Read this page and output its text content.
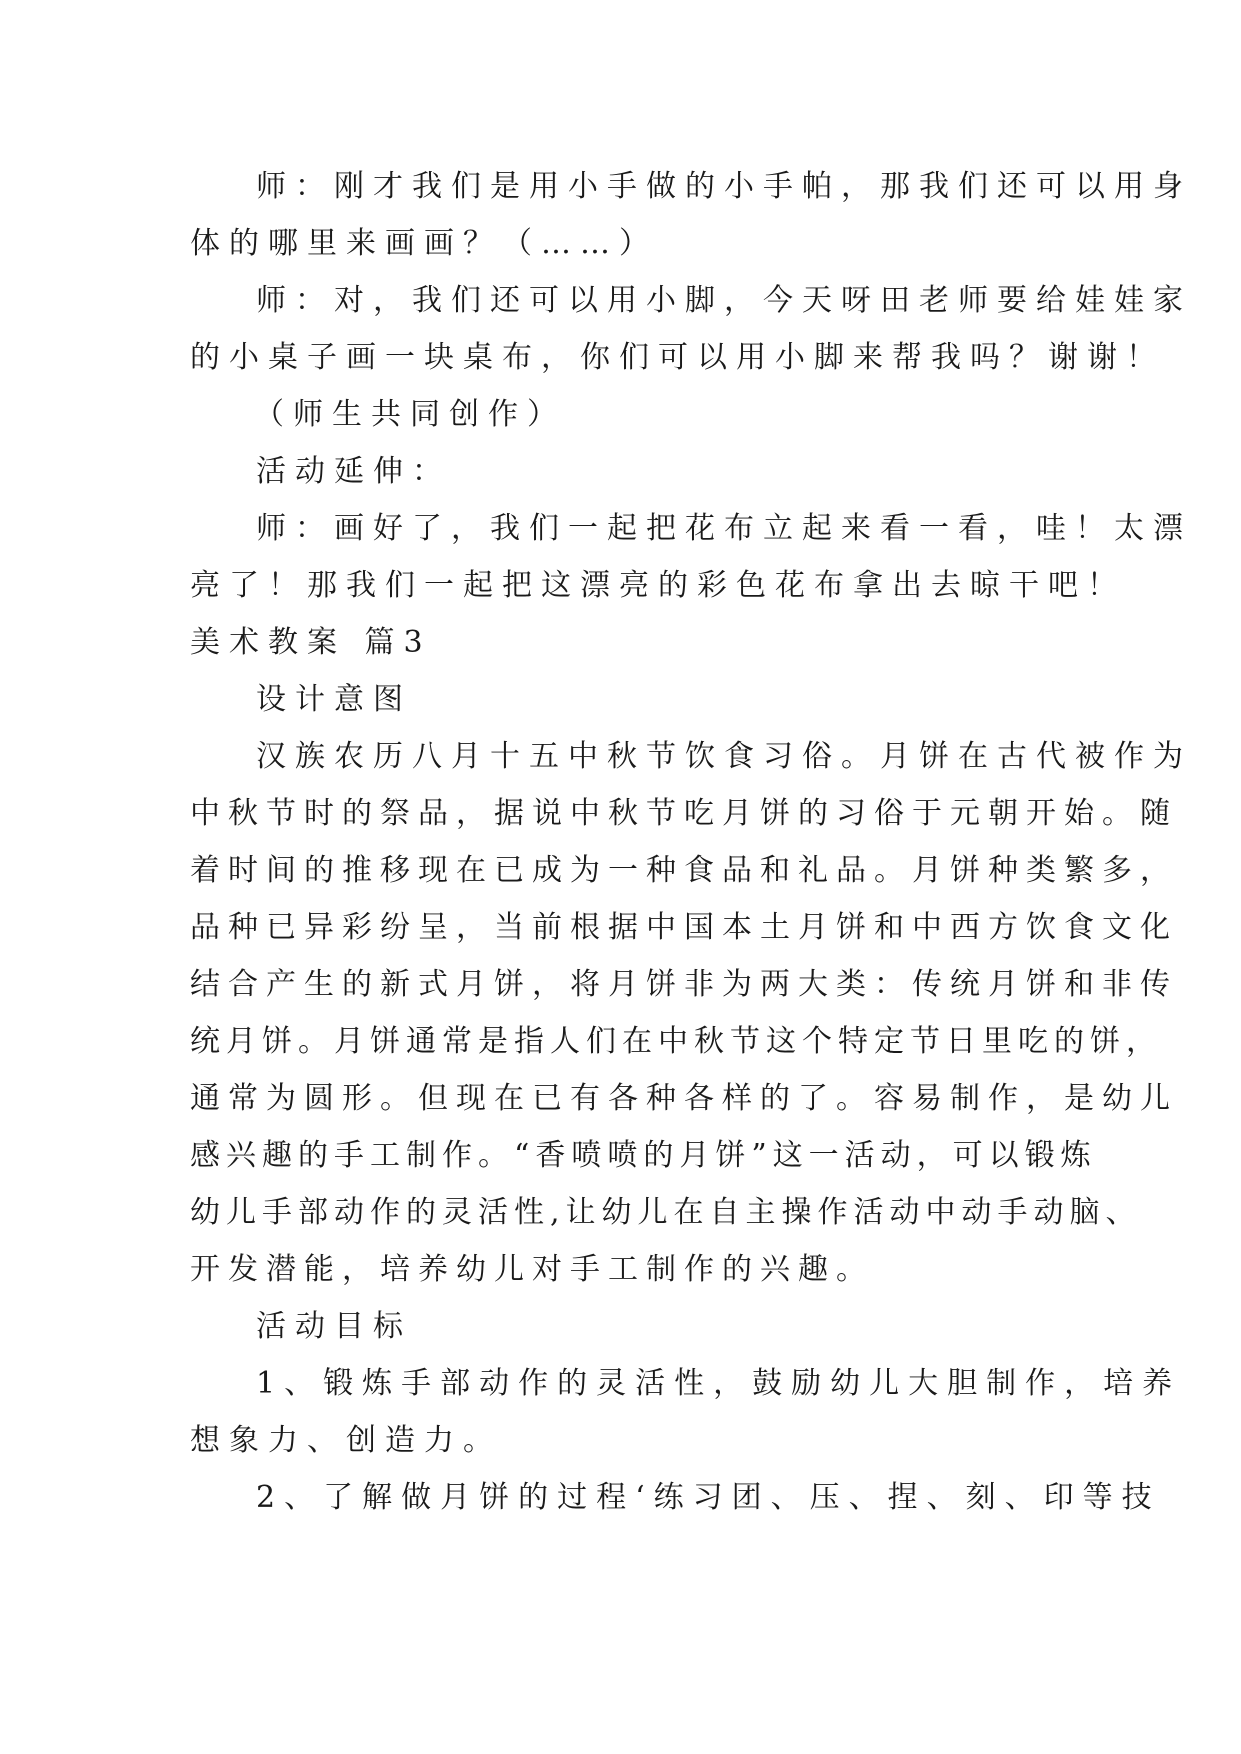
师：刚才我们是用小手做的小手帕，那我们还可以用身
体的哪里来画画？（……）
师：对，我们还可以用小脚，今天呀田老师要给娃娃家
的小桌子画一块桌布，你们可以用小脚来帮我吗？谢谢！
（师生共同创作）
活动延伸：
师：画好了，我们一起把花布立起来看一看，哇！太漂
亮了！那我们一起把这漂亮的彩色花布拿出去晾干吧！
美术教案 篇3
设计意图
汉族农历八月十五中秋节饮食习俗。月饼在古代被作为
中秋节时的祭品，据说中秋节吃月饼的习俗于元朝开始。随
着时间的推移现在已成为一种食品和礼品。月饼种类繁多，
品种已异彩纷呈，当前根据中国本土月饼和中西方饮食文化
结合产生的新式月饼，将月饼非为两大类：传统月饼和非传
统月饼。月饼通常是指人们在中秋节这个特定节日里吃的饼，
通常为圆形。但现在已有各种各样的了。容易制作，是幼儿
感兴趣的手工制作。“香喷喷的月饼”这一活动，可以锻炼
幼儿手部动作的灵活性,让幼儿在自主操作活动中动手动脑、
开发潜能，培养幼儿对手工制作的兴趣。
活动目标
1、锻炼手部动作的灵活性，鼓励幼儿大胆制作，培养
想象力、创造力。
2、了解做月饼的过程‘练习团、压、捏、刻、印等技
